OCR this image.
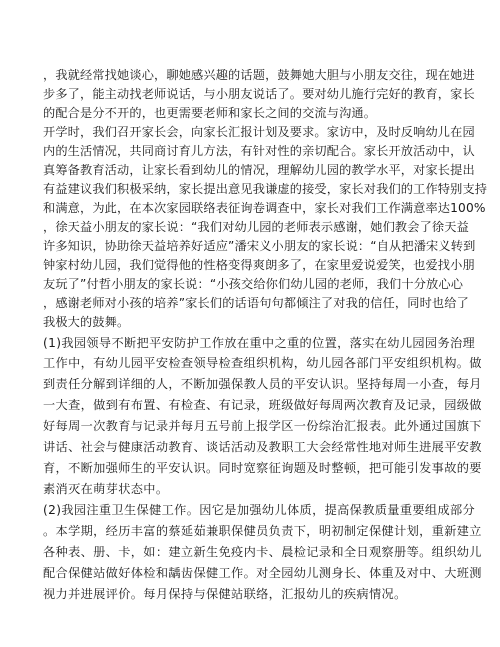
，我就经常找她谈心，聊她感兴趣的话题，鼓舞她大胆与小朋友交往，现在她进
步多了，能主动找老师说话，与小朋友说话了。要对幼儿施行完好的教育，家长
的配合是分不开的，也更需要老师和家长之间的交流与沟通。
开学时，我们召开家长会，向家长汇报计划及要求。家访中，及时反响幼儿在园
内的生活情况，共同商讨育儿方法，有针对性的亲切配合。家长开放活动中，认
真筹备教育活动，让家长看到幼儿的情况，理解幼儿园的教学水平，对家长提出
有益建议我们积极采纳，家长提出意见我谦虚的接受，家长对我们的工作特别支持
和满意，为此，在本次家园联络表征询卷调查中，家长对我们工作满意率达100%
，徐天益小朋友的家长说：“我们对幼儿园的老师表示感谢，她们教会了徐天益
许多知识，协助徐天益培养好适应”潘宋义小朋友的家长说：“自从把潘宋义转到
钟家村幼儿园，我们觉得他的性格变得爽朗多了，在家里爱说爱笑，也爱找小朋
友玩了”付哲小朋友的家长说：“小孩交给你们幼儿园的老师，我们十分放心心
，感谢老师对小孩的培养”家长们的话语句句都倾注了对我的信任，同时也给了
我极大的鼓舞。
(1)我园领导不断把平安防护工作放在重中之重的位置，落实在幼儿园园务治理
工作中，有幼儿园平安检查领导检查组织机构，幼儿园各部门平安组织机构。做
到责任分解到详细的人，不断加强保教人员的平安认识。坚持每周一小查，每月
一大查，做到有布置、有检查、有记录，班级做好每周两次教育及记录，园级做
好每周一次教育与记录并每月五号前上报学区一份综治汇报表。此外通过国旗下
讲话、社会与健康活动教育、谈话活动及教职工大会经常性地对师生进展平安教
育，不断加强师生的平安认识。同时宽察征询题及时整顿，把可能引发事故的要
素消灭在萌芽状态中。
(2)我园注重卫生保健工作。因它是加强幼儿体质，提高保教质量重要组成部分
。本学期，经历丰富的蔡延茹兼职保健员负责下，明初制定保健计划，重新建立
各种表、册、卡，如：建立新生免疫内卡、晨检记录和全日观察册等。组织幼儿
配合保健站做好体检和龋齿保健工作。对全园幼儿测身长、体重及对中、大班测
视力并进展评价。每月保持与保健站联络，汇报幼儿的疾病情况。
